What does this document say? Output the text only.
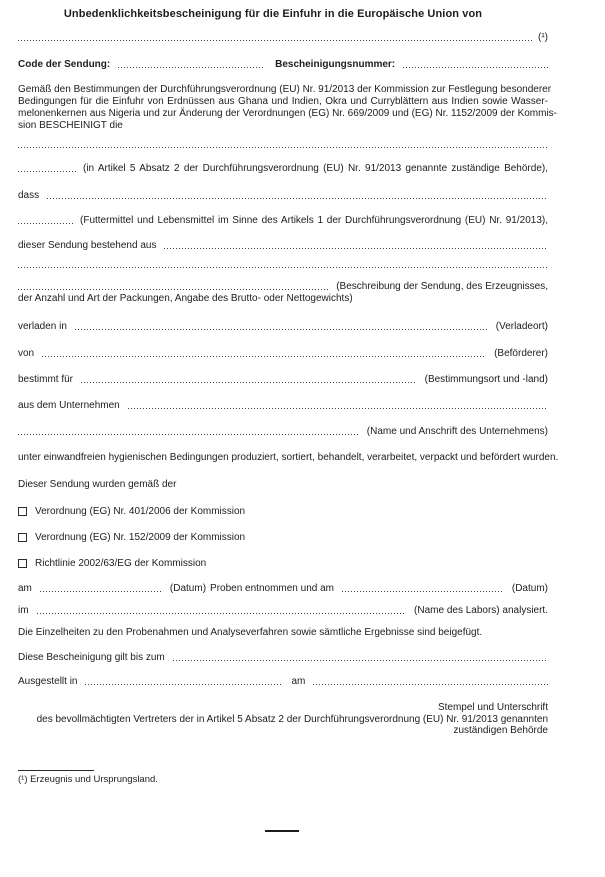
Unbedenklichkeitsbescheinigung für die Einfuhr in die Europäische Union von
(¹)
Code der Sendung:	Bescheinigungsnummer:
Gemäß den Bestimmungen der Durchführungsverordnung (EU) Nr. 91/2013 der Kommission zur Festlegung besonderer
Bedingungen für die Einfuhr von Erdnüssen aus Ghana und Indien, Okra und Curryblättern aus Indien sowie Wasser-
melonenkernen aus Nigeria und zur Änderung der Verordnungen (EG) Nr. 669/2009 und (EG) Nr. 1152/2009 der Kommis-
sion BESCHEINIGT die
(in Artikel 5 Absatz 2 der Durchführungsverordnung (EU) Nr. 91/2013 genannte zuständige Behörde),
dass
(Futtermittel und Lebensmittel im Sinne des Artikels 1 der Durchführungsverordnung (EU) Nr. 91/2013),
dieser Sendung bestehend aus
(Beschreibung der Sendung, des Erzeugnisses,
der Anzahl und Art der Packungen, Angabe des Brutto- oder Nettogewichts)
verladen in	(Verladeort)
von	(Beförderer)
bestimmt für	(Bestimmungsort und -land)
aus dem Unternehmen
(Name und Anschrift des Unternehmens)
unter einwandfreien hygienischen Bedingungen produziert, sortiert, behandelt, verarbeitet, verpackt und befördert wurden.
Dieser Sendung wurden gemäß der
Verordnung (EG) Nr. 401/2006 der Kommission
Verordnung (EG) Nr. 152/2009 der Kommission
Richtlinie 2002/63/EG der Kommission
am	(Datum) Proben entnommen und am	(Datum)
im	(Name des Labors) analysiert.
Die Einzelheiten zu den Probenahmen und Analyseverfahren sowie sämtliche Ergebnisse sind beigefügt.
Diese Bescheinigung gilt bis zum
Ausgestellt in	am
Stempel und Unterschrift
des bevollmächtigten Vertreters der in Artikel 5 Absatz 2 der Durchführungsverordnung (EU) Nr. 91/2013 genannten
zuständigen Behörde
(¹) Erzeugnis und Ursprungsland.
